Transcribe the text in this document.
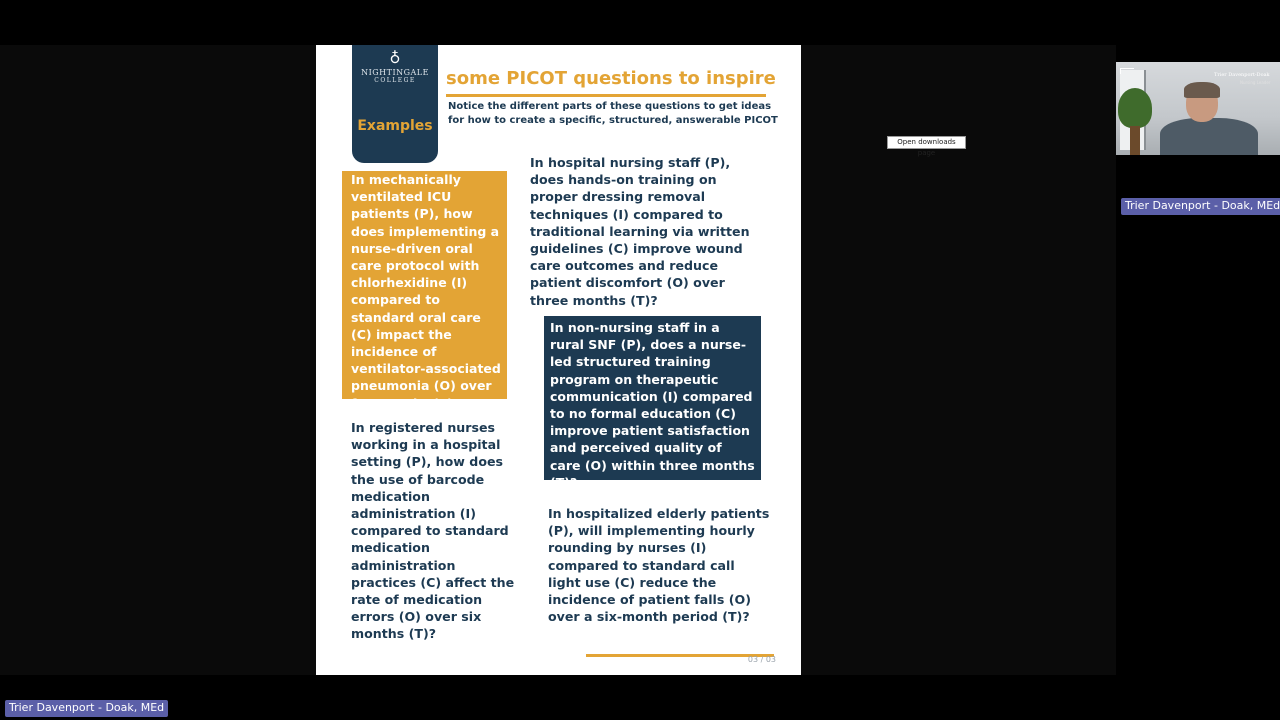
♁
NIGHTINGALE
COLLEGE
Examples
some PICOT questions to inspire
Notice the different parts of these questions to get ideas for how to create a specific, structured, answerable PICOT
In mechanically ventilated ICU patients (P), how does implementing a nurse-driven oral care protocol with chlorhexidine (I) compared to standard oral care (C) impact the incidence of ventilator-associated pneumonia (O) over four weeks (T)?
In hospital nursing staff (P), does hands-on training on proper dressing removal techniques (I) compared to traditional learning via written guidelines (C) improve wound care outcomes and reduce patient discomfort (O) over three months (T)?
In non-nursing staff in a rural SNF (P), does a nurse-led structured training program on therapeutic communication (I) compared to no formal education (C) improve patient satisfaction and perceived quality of care (O) within three months (T)?
In registered nurses working in a hospital setting (P), how does the use of barcode medication administration (I) compared to standard medication administration practices (C) affect the rate of medication errors (O) over six months (T)?
In hospitalized elderly patients (P), will implementing hourly rounding by nurses (I) compared to standard call light use (C) reduce the incidence of patient falls (O) over a six-month period (T)?
03 / 03
Open downloads page
Trier Davenport-Doak
Nursing Leader
Trier Davenport - Doak, MEd
Trier Davenport - Doak, MEd
